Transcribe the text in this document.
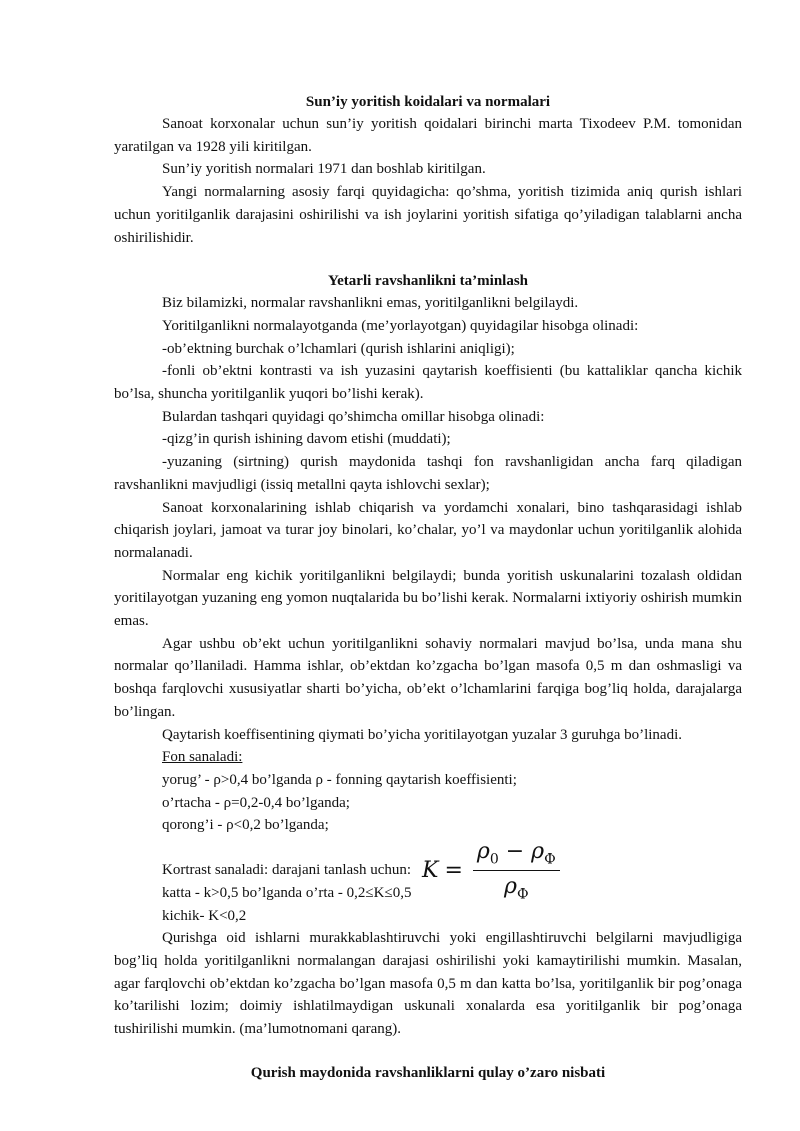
Sun’iy yoritish koidalari va normalari

Sanoat korxonalar uchun sun’iy yoritish qoidalari birinchi marta Tixodeev P.M. tomonidan yaratilgan va 1928 yili kiritilgan.

Sun’iy yoritish normalari 1971 dan boshlab kiritilgan.

Yangi normalarning asosiy farqi quyidagicha: qo’shma, yoritish tizimida aniq qurish ishlari uchun yoritilganlik darajasini oshirilishi va ish joylarini yoritish sifatiga qo’yiladigan talablarni ancha oshirilishidir.

Yetarli ravshanlikni ta’minlash

Biz bilamizki, normalar ravshanlikni emas, yoritilganlikni belgilaydi.

Yoritilganlikni normalayotganda (me’yorlayotgan) quyidagilar hisobga olinadi:

-ob’ektning burchak o’lchamlari (qurish ishlarini aniqligi);

-fonli ob’ektni kontrasti va ish yuzasini qaytarish koeffisienti (bu kattaliklar qancha kichik bo’lsa, shuncha yoritilganlik yuqori bo’lishi kerak).

Bulardan tashqari quyidagi qo’shimcha omillar hisobga olinadi:

-qizg’in qurish ishining davom etishi (muddati);

-yuzaning (sirtning) qurish maydonida tashqi fon ravshanligidan ancha farq qiladigan ravshanlikni mavjudligi (issiq metallni qayta ishlovchi sexlar);

Sanoat korxonalarining ishlab chiqarish va yordamchi xonalari, bino tashqarasidagi ishlab chiqarish joylari, jamoat va turar joy binolari, ko’chalar, yo’l va maydonlar uchun yoritilganlik alohida normalanadi.

Normalar eng kichik yoritilganlikni belgilaydi; bunda yoritish uskunalarini tozalash oldidan yoritilayotgan yuzaning eng yomon nuqtalarida bu bo’lishi kerak. Normalarni ixtiyoriy oshirish mumkin emas.

Agar ushbu ob’ekt uchun yoritilganlikni sohaviy normalari mavjud bo’lsa, unda mana shu normalar qo’llaniladi. Hamma ishlar, ob’ektdan ko’zgacha bo’lgan masofa 0,5 m dan oshmasligi va boshqa farqlovchi xususiyatlar sharti bo’yicha, ob’ekt o’lchamlarini farqiga bog’liq holda, darajalarga bo’lingan.

Qaytarish koeffisentining qiymati bo’yicha yoritilayotgan yuzalar 3 guruhga bo’linadi.

Fon sanaladi:

yorug’ - ρ>0,4 bo’lganda ρ - fonning qaytarish koeffisienti;

o’rtacha - ρ=0,2-0,4 bo’lganda;

qorong’i - ρ<0,2 bo’lganda;

$K = \frac{\rho_0 - \rho_Ф}{\rho_Ф}$

Kortrast sanaladi: darajani tanlash uchun:

katta - k>0,5 bo’lganda o’rta - 0,2≤K≤0,5

kichik- K<0,2

Qurishga oid ishlarni murakkablashtiruvchi yoki engillashtiruvchi belgilarni mavjudligiga bog’liq holda yoritilganlikni normalangan darajasi oshirilishi yoki kamaytirilishi mumkin. Masalan, agar farqlovchi ob’ektdan ko’zgacha bo’lgan masofa 0,5 m dan katta bo’lsa, yoritilganlik bir pog’onaga ko’tarilishi lozim; doimiy ishlatilmaydigan uskunali xonalarda esa yoritilganlik bir pog’onaga tushirilishi mumkin. (ma’lumotnomani qarang).

Qurish maydonida ravshanliklarni qulay o’zaro nisbati
